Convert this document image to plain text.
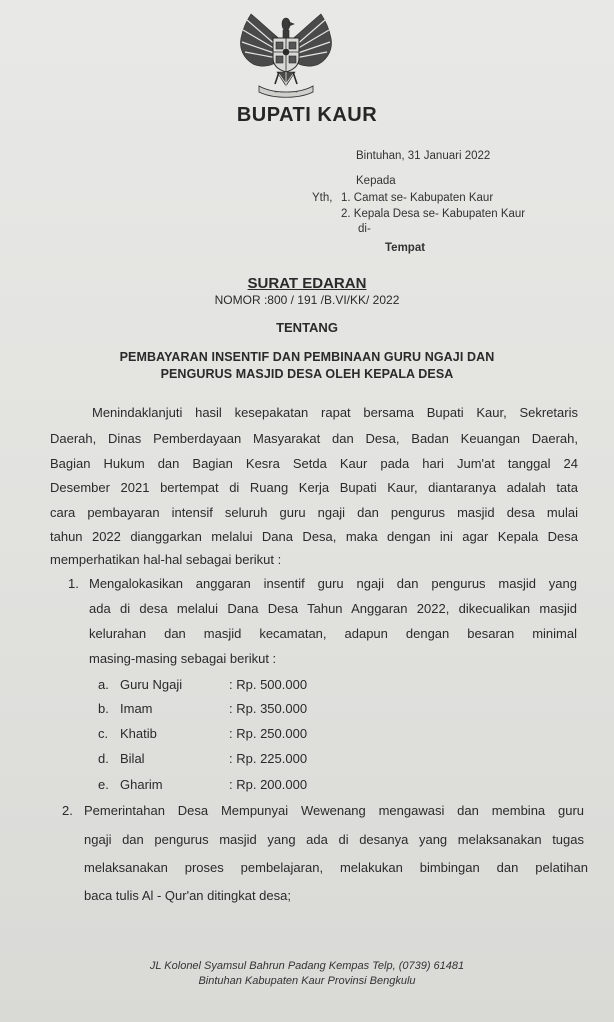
BUPATI KAUR
Bintuhan, 31 Januari 2022
Kepada
Yth, 1. Camat se- Kabupaten Kaur
2. Kepala Desa se- Kabupaten Kaur
di-
Tempat
SURAT EDARAN
NOMOR :800 / 191 /B.VI/KK/ 2022
TENTANG
PEMBAYARAN INSENTIF DAN PEMBINAAN GURU NGAJI DAN
PENGURUS MASJID DESA OLEH KEPALA DESA
Menindaklanjuti hasil kesepakatan rapat bersama Bupati Kaur, Sekretaris
Daerah, Dinas Pemberdayaan Masyarakat dan Desa, Badan Keuangan Daerah,
Bagian Hukum dan Bagian Kesra Setda Kaur pada hari Jum'at tanggal 24
Desember 2021 bertempat di Ruang Kerja Bupati Kaur, diantaranya adalah tata
cara pembayaran intensif seluruh guru ngaji dan pengurus masjid desa mulai
tahun 2022 dianggarkan melalui Dana Desa, maka dengan ini agar Kepala Desa
memperhatikan hal-hal sebagai berikut :
1. Mengalokasikan anggaran insentif guru ngaji dan pengurus masjid yang
ada di desa melalui Dana Desa Tahun Anggaran 2022, dikecualikan masjid
kelurahan dan masjid kecamatan, adapun dengan besaran minimal
masing-masing sebagai berikut :
a. Guru Ngaji	: Rp. 500.000
b. Imam	: Rp. 350.000
c. Khatib	: Rp. 250.000
d. Bilal	: Rp. 225.000
e. Gharim	: Rp. 200.000
2. Pemerintahan Desa Mempunyai Wewenang mengawasi dan membina guru
ngaji dan pengurus masjid yang ada di desanya yang melaksanakan tugas
melaksanakan proses pembelajaran, melakukan bimbingan dan pelatihan
baca tulis Al - Qur'an ditingkat desa;
JL Kolonel Syamsul Bahrun Padang Kempas Telp, (0739) 61481
Bintuhan Kabupaten Kaur Provinsi Bengkulu
